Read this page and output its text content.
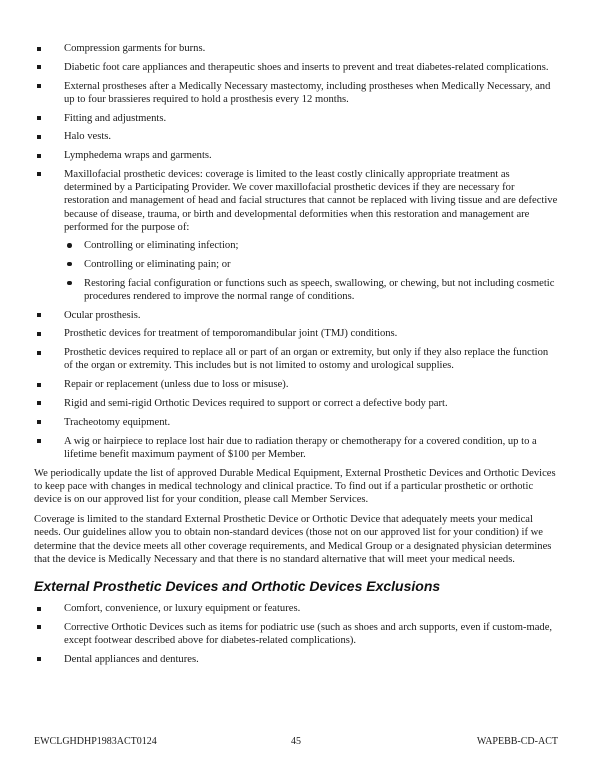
Compression garments for burns.
Diabetic foot care appliances and therapeutic shoes and inserts to prevent and treat diabetes-related complications.
External prostheses after a Medically Necessary mastectomy, including prostheses when Medically Necessary, and up to four brassieres required to hold a prosthesis every 12 months.
Fitting and adjustments.
Halo vests.
Lymphedema wraps and garments.
Maxillofacial prosthetic devices: coverage is limited to the least costly clinically appropriate treatment as determined by a Participating Provider. We cover maxillofacial prosthetic devices if they are necessary for restoration and management of head and facial structures that cannot be replaced with living tissue and are defective because of disease, trauma, or birth and developmental deformities when this restoration and management are performed for the purpose of:
Controlling or eliminating infection;
Controlling or eliminating pain; or
Restoring facial configuration or functions such as speech, swallowing, or chewing, but not including cosmetic procedures rendered to improve the normal range of conditions.
Ocular prosthesis.
Prosthetic devices for treatment of temporomandibular joint (TMJ) conditions.
Prosthetic devices required to replace all or part of an organ or extremity, but only if they also replace the function of the organ or extremity. This includes but is not limited to ostomy and urological supplies.
Repair or replacement (unless due to loss or misuse).
Rigid and semi-rigid Orthotic Devices required to support or correct a defective body part.
Tracheotomy equipment.
A wig or hairpiece to replace lost hair due to radiation therapy or chemotherapy for a covered condition, up to a lifetime benefit maximum payment of $100 per Member.

We periodically update the list of approved Durable Medical Equipment, External Prosthetic Devices and Orthotic Devices to keep pace with changes in medical technology and clinical practice. To find out if a particular prosthetic or orthotic device is on our approved list for your condition, please call Member Services.

Coverage is limited to the standard External Prosthetic Device or Orthotic Device that adequately meets your medical needs. Our guidelines allow you to obtain non-standard devices (those not on our approved list for your condition) if we determine that the device meets all other coverage requirements, and Medical Group or a designated physician determines that the device is Medically Necessary and that there is no standard alternative that will meet your medical needs.

External Prosthetic Devices and Orthotic Devices Exclusions
Comfort, convenience, or luxury equipment or features.
Corrective Orthotic Devices such as items for podiatric use (such as shoes and arch supports, even if custom-made, except footwear described above for diabetes-related complications).
Dental appliances and dentures.
EWCLGHDHP1983ACT0124	45	WAPEBB-CD-ACT
